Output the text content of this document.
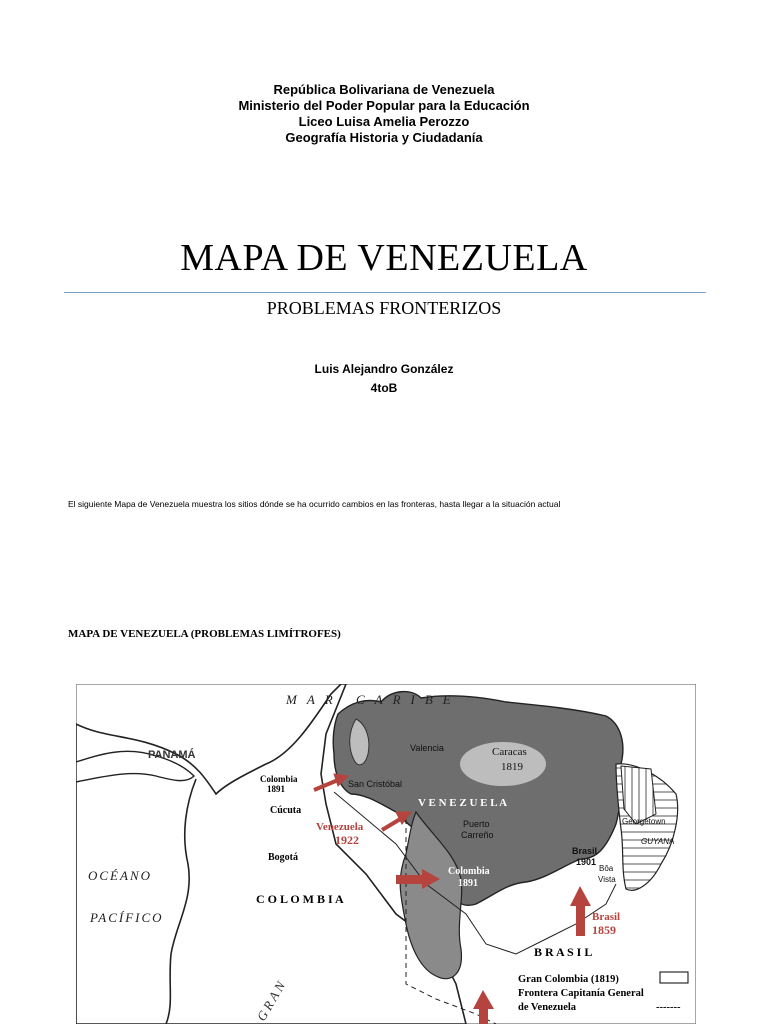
República Bolivariana de Venezuela
Ministerio del Poder Popular para la Educación
Liceo Luisa Amelia Perozzo
Geografía Historia y Ciudadanía
MAPA DE VENEZUELA
PROBLEMAS FRONTERIZOS
Luis Alejandro González
4toB
El siguiente Mapa de Venezuela muestra los sitios dónde se ha ocurrido cambios en las fronteras, hasta llegar a la situación actual
MAPA DE VENEZUELA (PROBLEMAS LIMÍTROFES)
MAR CARIBE
PANAMÁ
OCÉANO
PACÍFICO
C O L O M B I A
V E N E Z U E L A
B R A S I L
Valencia
San Cristóbal
Puerto
Carreño
Georgetown
GUYANA
Bôa
Vista
Brasil
1901
Caracas
1819
GRAN
Colombia
1891
Cúcuta
Venezuela
1922
Bogotá
Colombia
1891
Brasil
1859
Gran Colombia (1819)
Frontera Capitanía General
de Venezuela	-------
